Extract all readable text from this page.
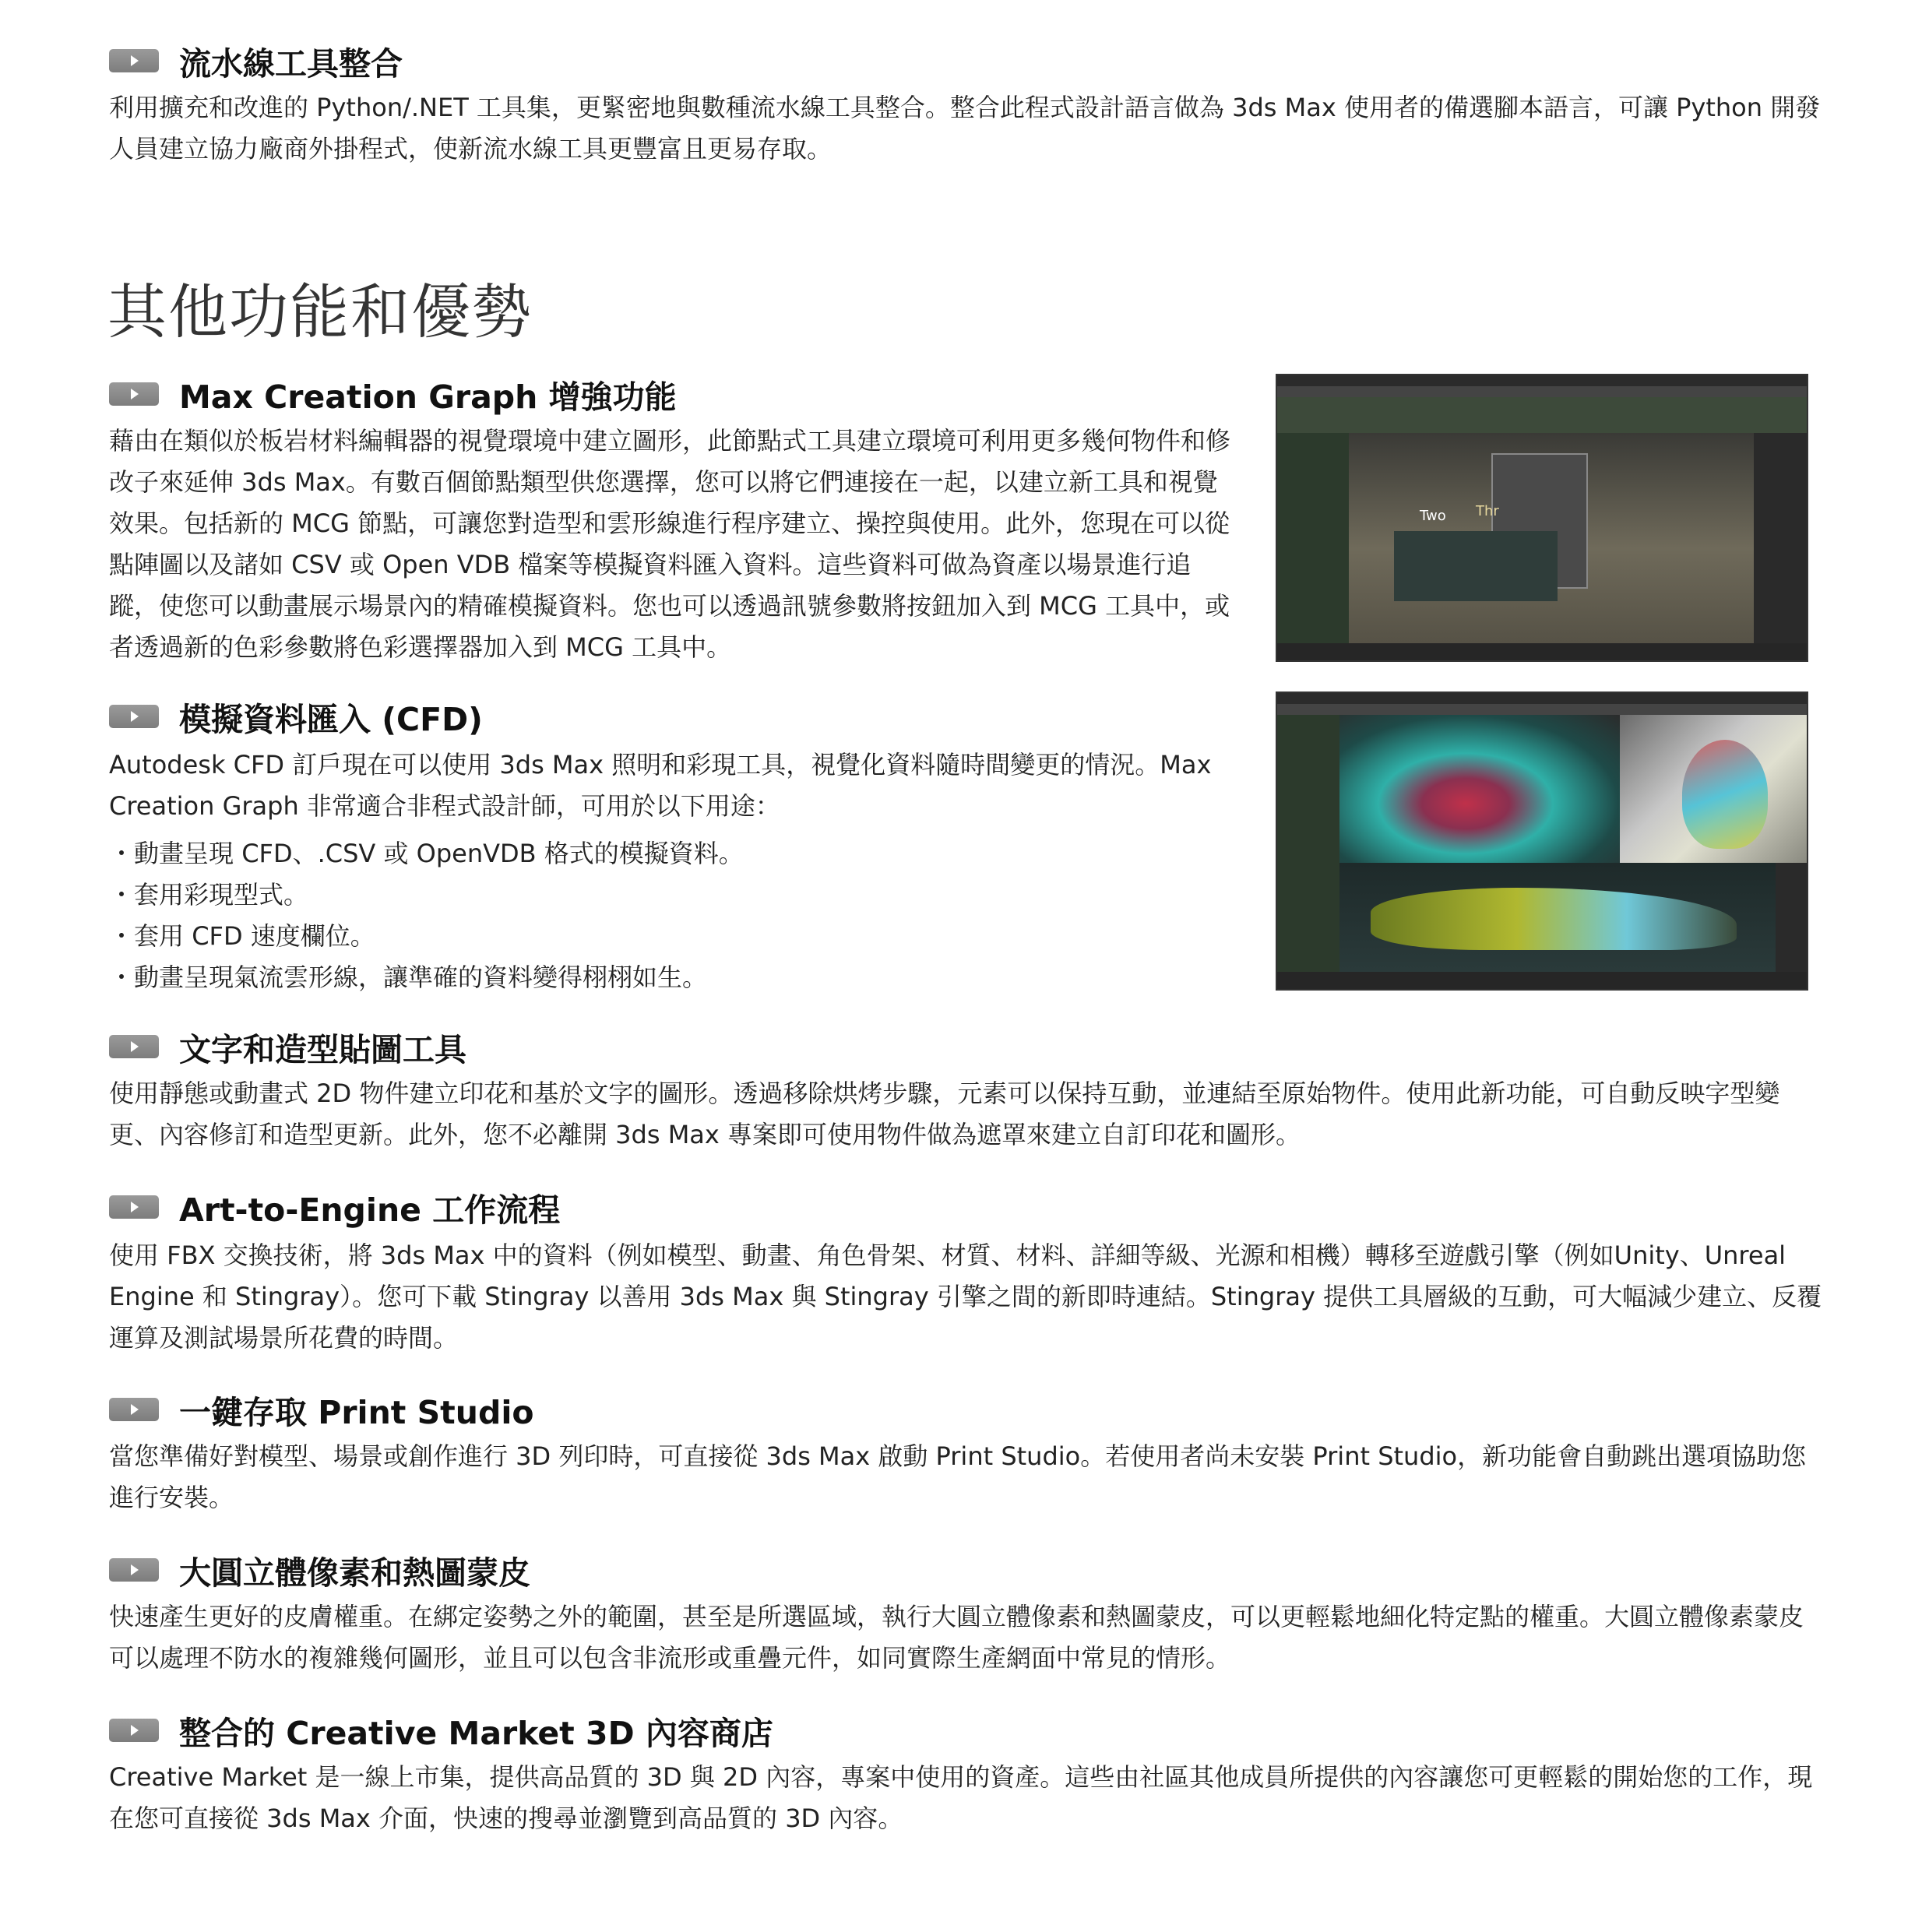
流水線工具整合
利用擴充和改進的 Python/.NET 工具集，更緊密地與數種流水線工具整合。整合此程式設計語言做為 3ds Max 使用者的備選腳本語言，可讓 Python 開發人員建立協力廠商外掛程式，使新流水線工具更豐富且更易存取。
其他功能和優勢
Max Creation Graph 增強功能
藉由在類似於板岩材料編輯器的視覺環境中建立圖形，此節點式工具建立環境可利用更多幾何物件和修改子來延伸 3ds Max。有數百個節點類型供您選擇，您可以將它們連接在一起，以建立新工具和視覺效果。包括新的 MCG 節點，可讓您對造型和雲形線進行程序建立、操控與使用。此外，您現在可以從點陣圖以及諸如 CSV 或 Open VDB 檔案等模擬資料匯入資料。這些資料可做為資產以場景進行追蹤，使您可以動畫展示場景內的精確模擬資料。您也可以透過訊號參數將按鈕加入到 MCG 工具中，或者透過新的色彩參數將色彩選擇器加入到 MCG 工具中。
Two Thr
模擬資料匯入 (CFD)
Autodesk CFD 訂戶現在可以使用 3ds Max 照明和彩現工具，視覺化資料隨時間變更的情況。Max Creation Graph 非常適合非程式設計師，可用於以下用途：
・ 動畫呈現 CFD、.CSV 或 OpenVDB 格式的模擬資料。
・ 套用彩現型式。
・ 套用 CFD 速度欄位。
・ 動畫呈現氣流雲形線，讓準確的資料變得栩栩如生。
文字和造型貼圖工具
使用靜態或動畫式 2D 物件建立印花和基於文字的圖形。透過移除烘烤步驟，元素可以保持互動，並連結至原始物件。使用此新功能，可自動反映字型變更、內容修訂和造型更新。此外，您不必離開 3ds Max 專案即可使用物件做為遮罩來建立自訂印花和圖形。
Art-to-Engine 工作流程
使用 FBX 交換技術，將 3ds Max 中的資料（例如模型、動畫、角色骨架、材質、材料、詳細等級、光源和相機）轉移至遊戲引擎（例如Unity、Unreal Engine 和 Stingray）。您可下載 Stingray 以善用 3ds Max 與 Stingray 引擎之間的新即時連結。Stingray 提供工具層級的互動，可大幅減少建立、反覆運算及測試場景所花費的時間。
一鍵存取 Print Studio
當您準備好對模型、場景或創作進行 3D 列印時，可直接從 3ds Max 啟動 Print Studio。若使用者尚未安裝 Print Studio，新功能會自動跳出選項協助您進行安裝。
大圓立體像素和熱圖蒙皮
快速產生更好的皮膚權重。在綁定姿勢之外的範圍，甚至是所選區域，執行大圓立體像素和熱圖蒙皮，可以更輕鬆地細化特定點的權重。大圓立體像素蒙皮可以處理不防水的複雜幾何圖形，並且可以包含非流形或重疊元件，如同實際生產網面中常見的情形。
整合的 Creative Market 3D 內容商店
Creative Market 是一線上市集，提供高品質的 3D 與 2D 內容，專案中使用的資產。這些由社區其他成員所提供的內容讓您可更輕鬆的開始您的工作，現在您可直接從 3ds Max 介面，快速的搜尋並瀏覽到高品質的 3D 內容。
